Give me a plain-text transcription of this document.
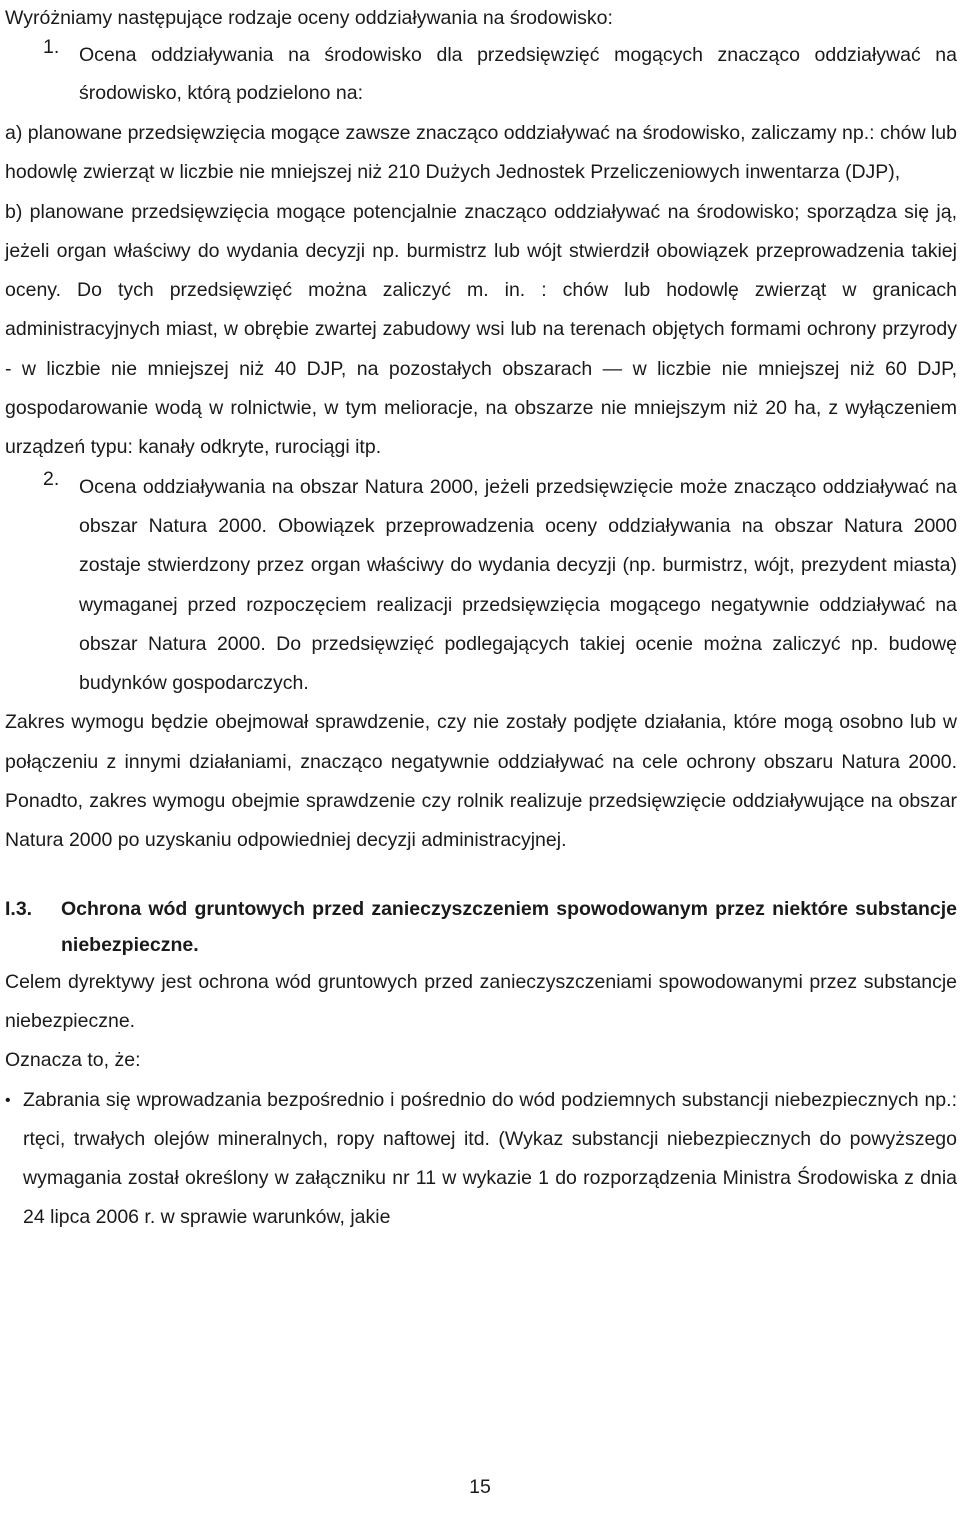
Wyróżniamy następujące rodzaje oceny oddziaływania na środowisko:

1.	Ocena oddziaływania na środowisko dla przedsięwzięć mogących znacząco oddziaływać na środowisko, którą podzielono na:

a) planowane przedsięwzięcia mogące zawsze znacząco oddziaływać na środowisko, zaliczamy np.: chów lub hodowlę zwierząt w liczbie nie mniejszej niż 210 Dużych Jednostek Przeliczeniowych inwentarza (DJP),

b) planowane przedsięwzięcia mogące potencjalnie znacząco oddziaływać na środowisko; sporządza się ją, jeżeli organ właściwy do wydania decyzji np. burmistrz lub wójt stwierdził obowiązek przeprowadzenia takiej oceny. Do tych przedsięwzięć można zaliczyć m. in. : chów lub hodowlę zwierząt w granicach administracyjnych miast, w obrębie zwartej zabudowy wsi lub na terenach objętych formami ochrony przyrody - w liczbie nie mniejszej niż 40 DJP, na pozostałych obszarach — w liczbie nie mniejszej niż 60 DJP, gospodarowanie wodą w rolnictwie, w tym melioracje, na obszarze nie mniejszym niż 20 ha, z wyłączeniem urządzeń typu: kanały odkryte, rurociągi itp.

2.	Ocena oddziaływania na obszar Natura 2000, jeżeli przedsięwzięcie może znacząco oddziaływać na obszar Natura 2000. Obowiązek przeprowadzenia oceny oddziaływania na obszar Natura 2000 zostaje stwierdzony przez organ właściwy do wydania decyzji (np. burmistrz, wójt, prezydent miasta) wymaganej przed rozpoczęciem realizacji przedsięwzięcia mogącego negatywnie oddziaływać na obszar Natura 2000. Do przedsięwzięć podlegających takiej ocenie można zaliczyć np. budowę budynków gospodarczych.

Zakres wymogu będzie obejmował sprawdzenie, czy nie zostały podjęte działania, które mogą osobno lub w połączeniu z innymi działaniami, znacząco negatywnie oddziaływać na cele ochrony obszaru Natura 2000. Ponadto, zakres wymogu obejmie sprawdzenie czy rolnik realizuje przedsięwzięcie oddziaływujące na obszar Natura 2000 po uzyskaniu odpowiedniej decyzji administracyjnej.

I.3.	Ochrona wód gruntowych przed zanieczyszczeniem spowodowanym przez niektóre substancje niebezpieczne.

Celem dyrektywy jest ochrona wód gruntowych przed zanieczyszczeniami spowodowanymi przez substancje niebezpieczne.

Oznacza to, że:

• Zabrania się wprowadzania bezpośrednio i pośrednio do wód podziemnych substancji niebezpiecznych np.: rtęci, trwałych olejów mineralnych, ropy naftowej itd. (Wykaz substancji niebezpiecznych do powyższego wymagania został określony w załączniku nr 11 w wykazie 1 do rozporządzenia Ministra Środowiska z dnia 24 lipca 2006 r. w sprawie warunków, jakie

15
